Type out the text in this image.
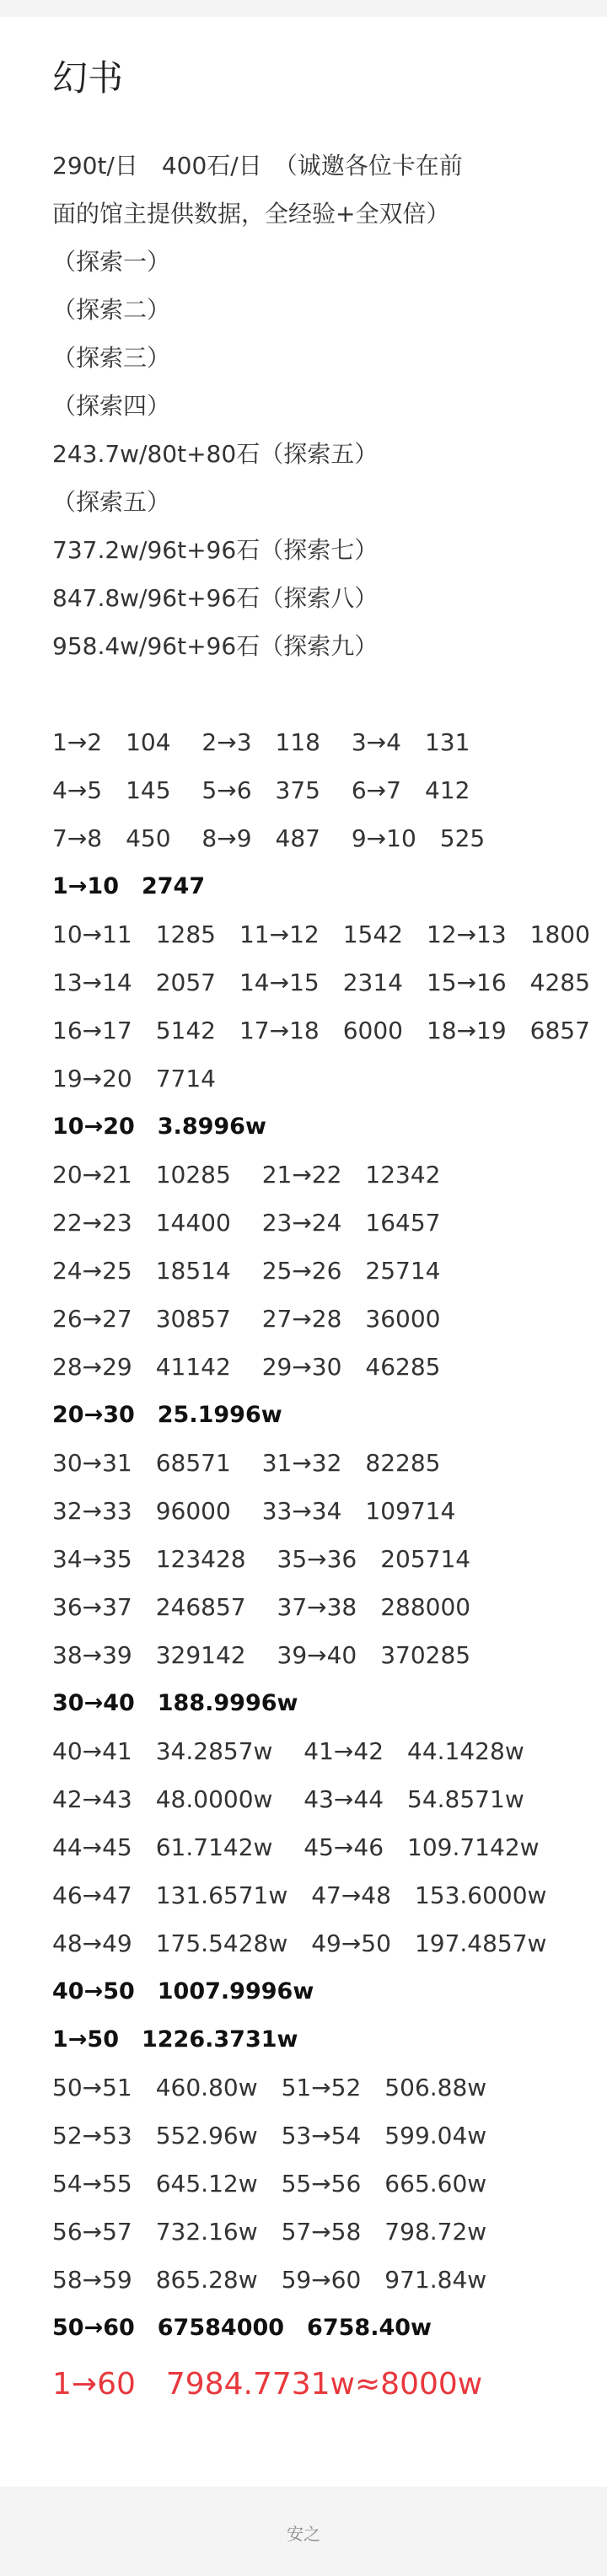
幻书
290t/日　400石/日　（诚邀各位卡在前
面的馆主提供数据，全经验+全双倍）
（探索一）
（探索二）
（探索三）
（探索四）
243.7w/80t+80石（探索五）
（探索五）
737.2w/96t+96石（探索七）
847.8w/96t+96石（探索八）
958.4w/96t+96石（探索九）
1→2　104　 2→3　118　 3→4　131
4→5　145　 5→6　375　 6→7　412
7→8　450　 8→9　487　 9→10　525
1→10　2747
10→11　1285　11→12　1542　12→13　1800
13→14　2057　14→15　2314　15→16　4285
16→17　5142　17→18　6000　18→19　6857
19→20　7714
10→20　3.8996w
20→21　10285　 21→22　12342
22→23　14400　 23→24　16457
24→25　18514　 25→26　25714
26→27　30857　 27→28　36000
28→29　41142　 29→30　46285
20→30　25.1996w
30→31　68571　 31→32　82285
32→33　96000　 33→34　109714
34→35　123428　 35→36　205714
36→37　246857　 37→38　288000
38→39　329142　 39→40　370285
30→40　188.9996w
40→41　34.2857w　 41→42　44.1428w
42→43　48.0000w　 43→44　54.8571w
44→45　61.7142w　 45→46　109.7142w
46→47　131.6571w　47→48　153.6000w
48→49　175.5428w　49→50　197.4857w
40→50　1007.9996w
1→50　1226.3731w
50→51　460.80w　51→52　506.88w
52→53　552.96w　53→54　599.04w
54→55　645.12w　55→56　665.60w
56→57　732.16w　57→58　798.72w
58→59　865.28w　59→60　971.84w
50→60　67584000　6758.40w
1→60　7984.7731w≈8000w
安之
